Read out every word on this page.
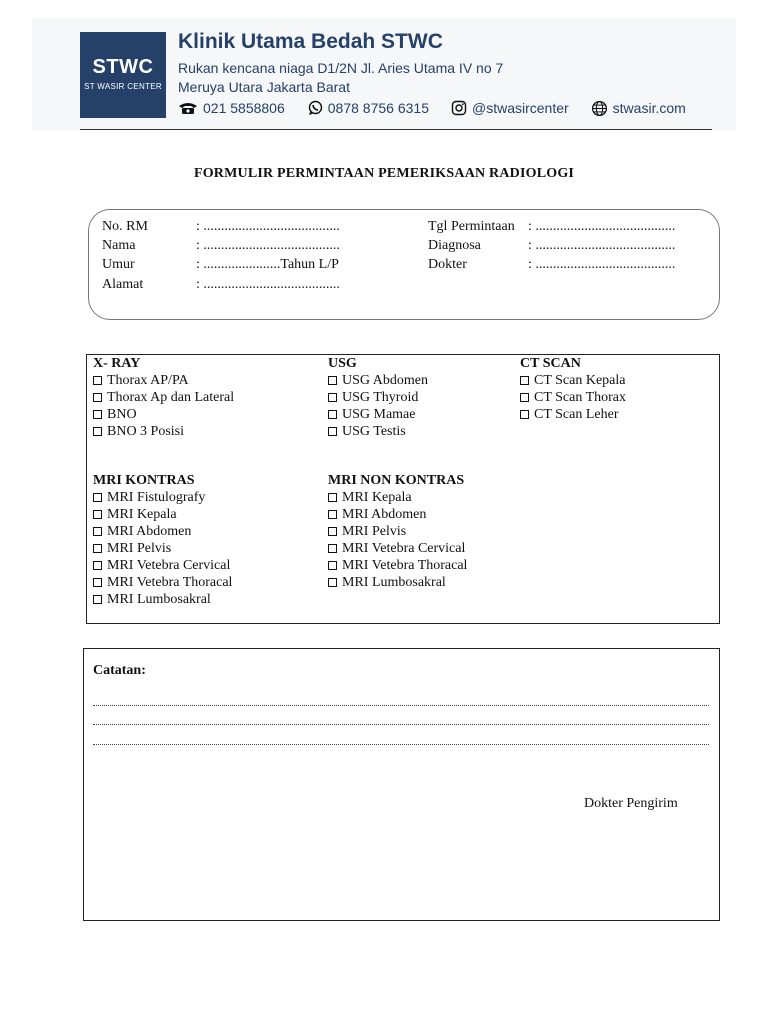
STWC
ST WASIR CENTER
Klinik Utama Bedah STWC
Rukan kencana niaga D1/2N Jl. Aries Utama IV no 7
Meruya Utara Jakarta Barat
021 5858806	0878 8756 6315	@stwasircenter	stwasir.com
FORMULIR PERMINTAAN PEMERIKSAAN RADIOLOGI
No. RM	: .......................................
Nama	: .......................................
Umur	: ......................Tahun L/P
Alamat	: .......................................
Tgl Permintaan : ........................................
Diagnosa	: ........................................
Dokter	: ........................................
X- RAY
Thorax AP/PA
Thorax Ap dan Lateral
BNO
BNO 3 Posisi
USG
USG Abdomen
USG Thyroid
USG Mamae
USG Testis
CT SCAN
CT Scan Kepala
CT Scan Thorax
CT Scan Leher
MRI KONTRAS
MRI Fistulografy
MRI Kepala
MRI Abdomen
MRI Pelvis
MRI Vetebra Cervical
MRI Vetebra Thoracal
MRI Lumbosakral
MRI NON KONTRAS
MRI Kepala
MRI Abdomen
MRI Pelvis
MRI Vetebra Cervical
MRI Vetebra Thoracal
MRI Lumbosakral
Catatan:
Dokter Pengirim
